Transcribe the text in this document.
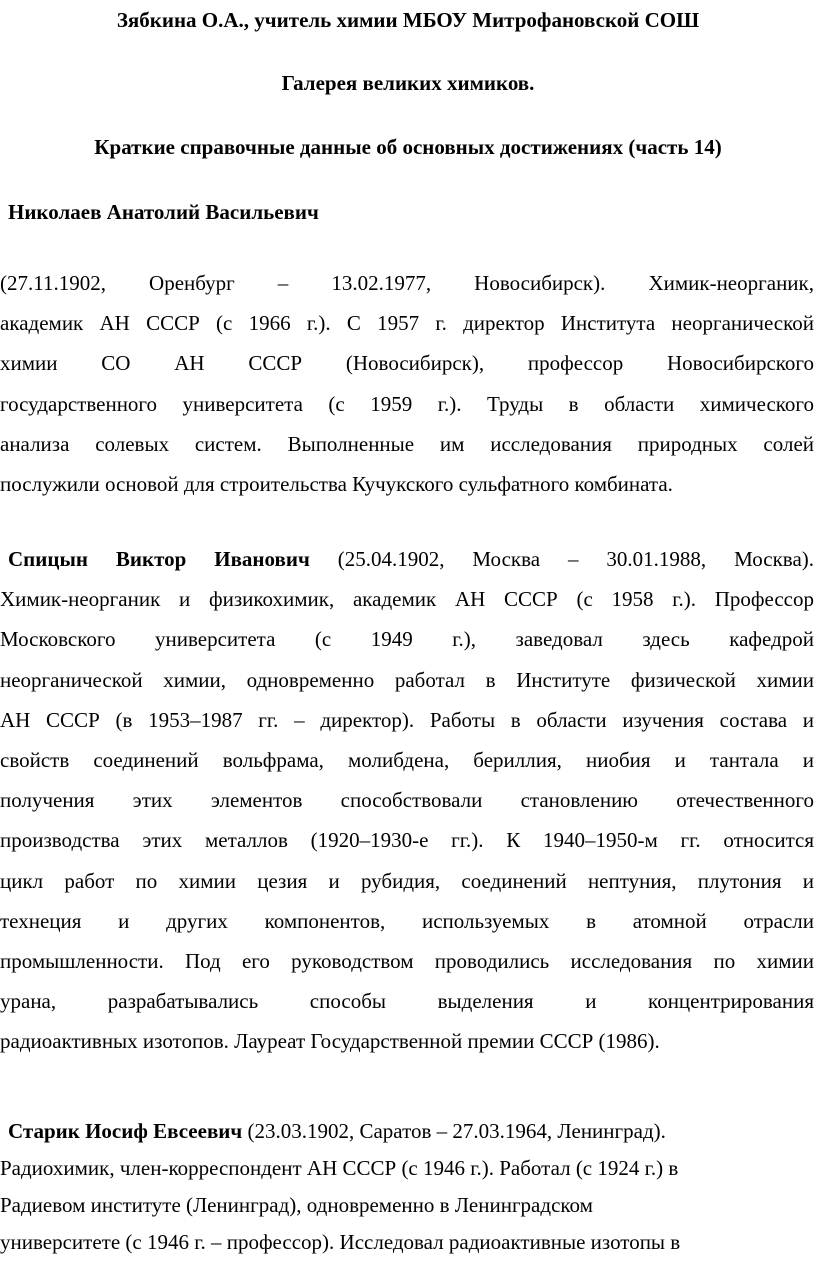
Зябкина О.А., учитель химии МБОУ Митрофановской СОШ
Галерея великих химиков.
Краткие справочные данные об основных достижениях (часть 14)
Николаев Анатолий Васильевич
(27.11.1902, Оренбург – 13.02.1977, Новосибирск). Химик-неорганик,
академик АН СССР (с 1966 г.). С 1957 г. директор Института неорганической
химии СО АН СССР (Новосибирск), профессор Новосибирского
государственного университета (с 1959 г.). Труды в области химического
анализа солевых систем. Выполненные им исследования природных солей
послужили основой для строительства Кучукского сульфатного комбината.
Спицын Виктор Иванович (25.04.1902, Москва – 30.01.1988, Москва).
Химик-неорганик и физикохимик, академик АН СССР (с 1958 г.). Профессор
Московского университета (с 1949 г.), заведовал здесь кафедрой
неорганической химии, одновременно работал в Институте физической химии
АН СССР (в 1953–1987 гг. – директор). Работы в области изучения состава и
свойств соединений вольфрама, молибдена, бериллия, ниобия и тантала и
получения этих элементов способствовали становлению отечественного
производства этих металлов (1920–1930-е гг.). К 1940–1950-м гг. относится
цикл работ по химии цезия и рубидия, соединений нептуния, плутония и
технеция и других компонентов, используемых в атомной отрасли
промышленности. Под его руководством проводились исследования по химии
урана, разрабатывались способы выделения и концентрирования
радиоактивных изотопов. Лауреат Государственной премии СССР (1986).
Старик Иосиф Евсеевич (23.03.1902, Саратов – 27.03.1964, Ленинград).
Радиохимик, член-корреспондент АН СССР (с 1946 г.). Работал (с 1924 г.) в
Радиевом институте (Ленинград), одновременно в Ленинградском
университете (с 1946 г. – профессор). Исследовал радиоактивные изотопы в
